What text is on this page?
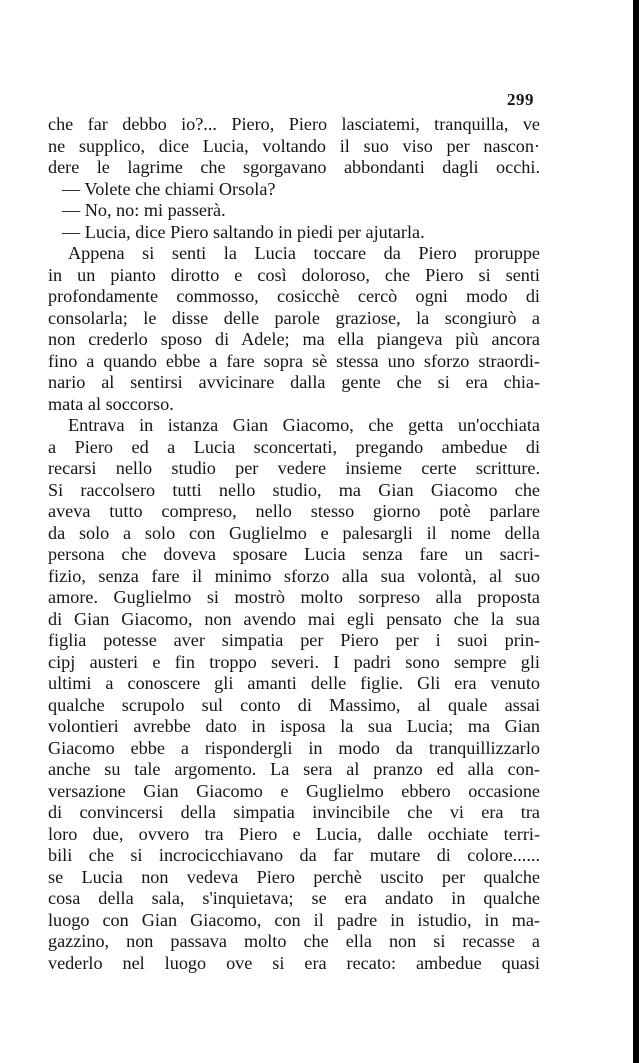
299
che far debbo io?... Piero, Piero lasciatemi, tranquilla, ve
ne supplico, dice Lucia, voltando il suo viso per nascon·
dere le lagrime che sgorgavano abbondanti dagli occhi.
— Volete che chiami Orsola?
— No, no: mi passerà.
— Lucia, dice Piero saltando in piedi per ajutarla.
Appena si senti la Lucia toccare da Piero proruppe
in un pianto dirotto e così doloroso, che Piero si senti
profondamente commosso, cosicchè cercò ogni modo di
consolarla; le disse delle parole graziose, la scongiurò a
non crederlo sposo di Adele; ma ella piangeva più ancora
fino a quando ebbe a fare sopra sè stessa uno sforzo straordi-
nario al sentirsi avvicinare dalla gente che si era chia-
mata al soccorso.
Entrava in istanza Gian Giacomo, che getta un'occhiata
a Piero ed a Lucia sconcertati, pregando ambedue di
recarsi nello studio per vedere insieme certe scritture.
Si raccolsero tutti nello studio, ma Gian Giacomo che
aveva tutto compreso, nello stesso giorno potè parlare
da solo a solo con Guglielmo e palesargli il nome della
persona che doveva sposare Lucia senza fare un sacri-
fizio, senza fare il minimo sforzo alla sua volontà, al suo
amore. Guglielmo si mostrò molto sorpreso alla proposta
di Gian Giacomo, non avendo mai egli pensato che la sua
figlia potesse aver simpatia per Piero per i suoi prin-
cipj austeri e fin troppo severi. I padri sono sempre gli
ultimi a conoscere gli amanti delle figlie. Gli era venuto
qualche scrupolo sul conto di Massimo, al quale assai
volontieri avrebbe dato in isposa la sua Lucia; ma Gian
Giacomo ebbe a rispondergli in modo da tranquillizzarlo
anche su tale argomento. La sera al pranzo ed alla con-
versazione Gian Giacomo e Guglielmo ebbero occasione
di convincersi della simpatia invincibile che vi era tra
loro due, ovvero tra Piero e Lucia, dalle occhiate terri-
bili che si incrocicchiavano da far mutare di colore......
se Lucia non vedeva Piero perchè uscito per qualche
cosa della sala, s'inquietava; se era andato in qualche
luogo con Gian Giacomo, con il padre in istudio, in ma-
gazzino, non passava molto che ella non si recasse a
vederlo nel luogo ove si era recato: ambedue quasi
